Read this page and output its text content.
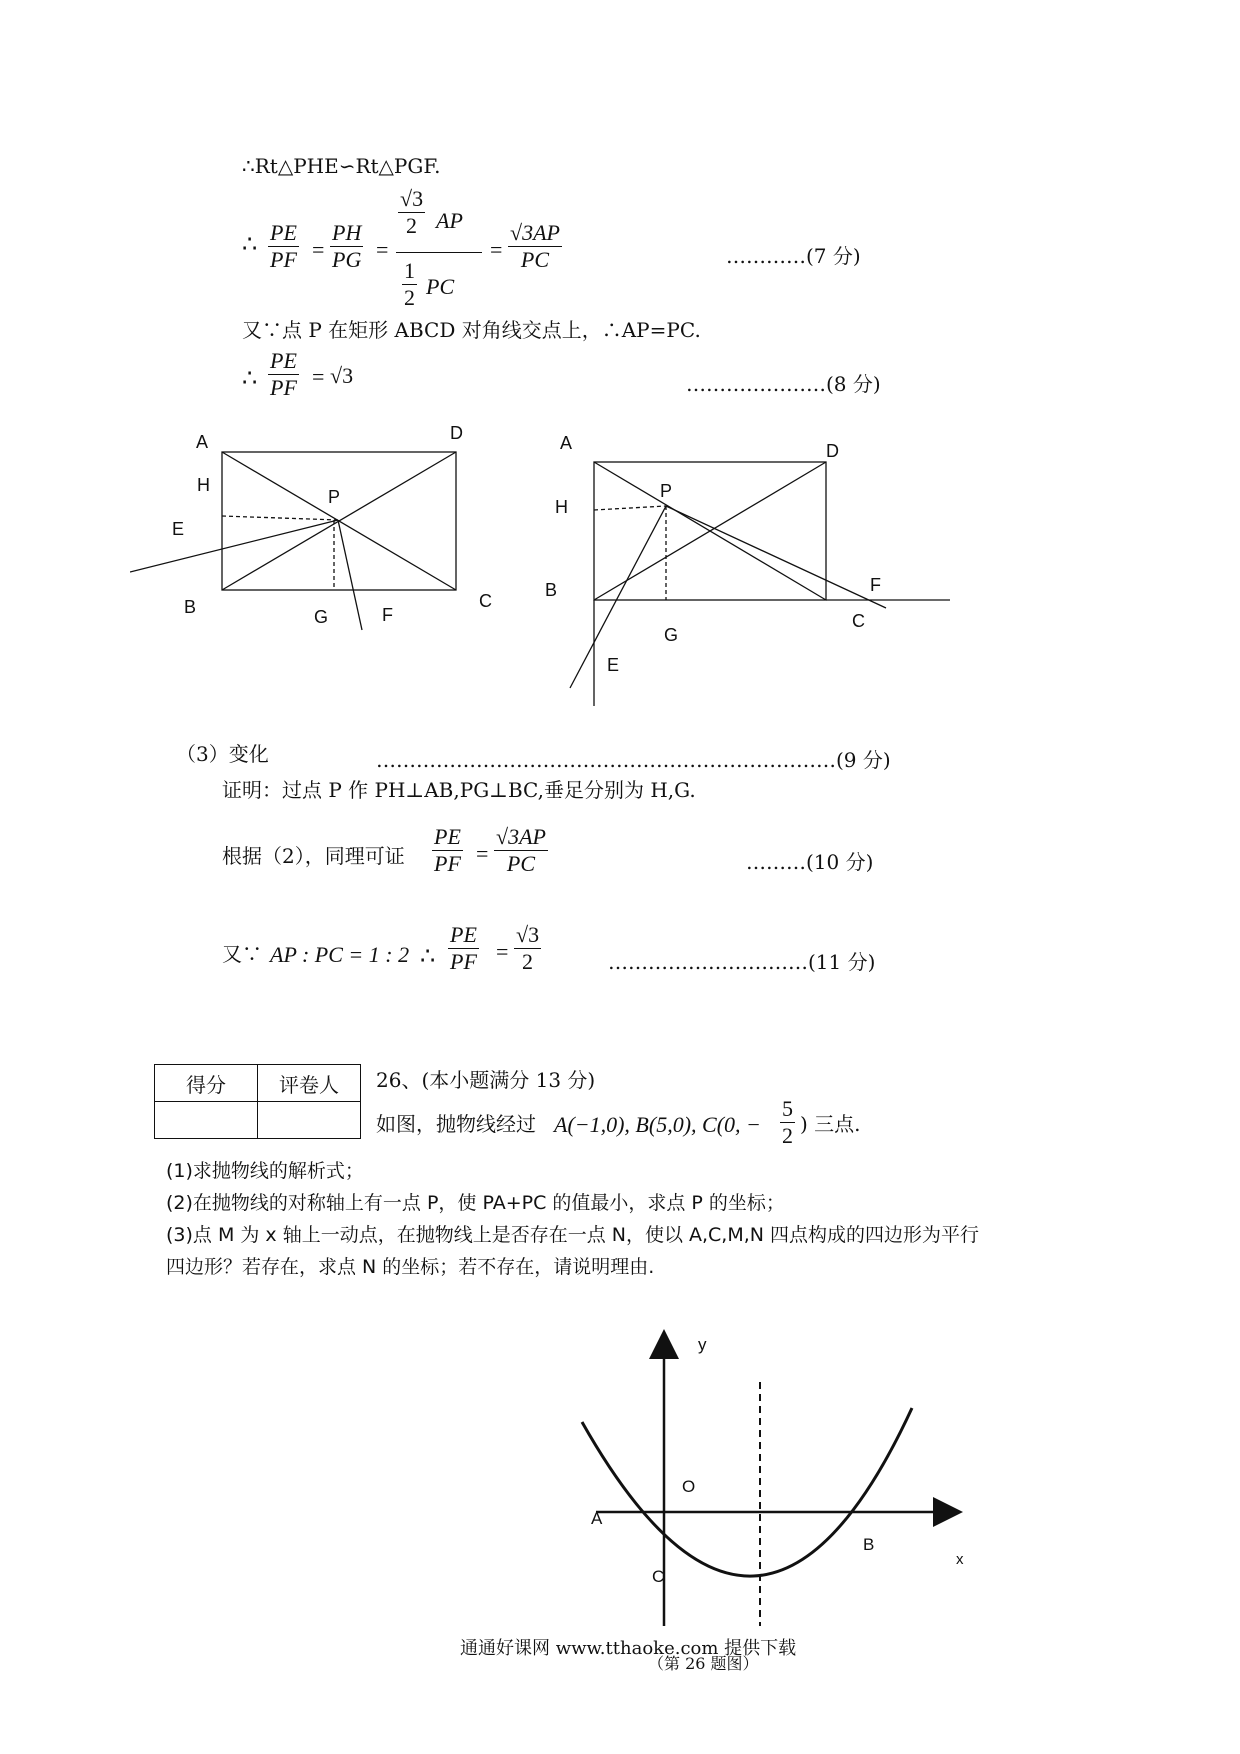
∴Rt△PHE∽Rt△PGF.
∴ PE
PF =
PH
PG =
√3
2 AP
1
2 PC
=
√3AP
PC	…………(7 分)
又∵点 P 在矩形 ABCD 对角线交点上，∴AP=PC.
∴
PE
PF = √3	…………………(8 分)
A	D
H
P
E
B	G	F
C
A	D
P
H
B	F
C
G
E
（3）变化	……………………………………………………………(9 分)
证明：过点 P 作 PH⊥AB,PG⊥BC,垂足分别为 H,G.
根据（2），同理可证
PE
PF =
√3AP
PC	………(10 分)
又∵ AP : PC = 1 : 2 ∴
PE
PF =
√3
2	…………………………(11 分)
得分	评卷人
	26、(本小题满分 13 分)
如图，抛物线经过 A(−1,0), B(5,0), C(0, −
5
2 ) 三点.
(1)求抛物线的解析式；
(2)在抛物线的对称轴上有一点 P，使 PA+PC 的值最小，求点 P 的坐标；
(3)点 M 为 x 轴上一动点，在抛物线上是否存在一点 N，使以 A,C,M,N 四点构成的四边形为平行
四边形？若存在，求点 N 的坐标；若不存在，请说明理由.
y
O
A
B
C
x
通通好课网 www.tthaoke.com 提供下载
（第 26 题图）
